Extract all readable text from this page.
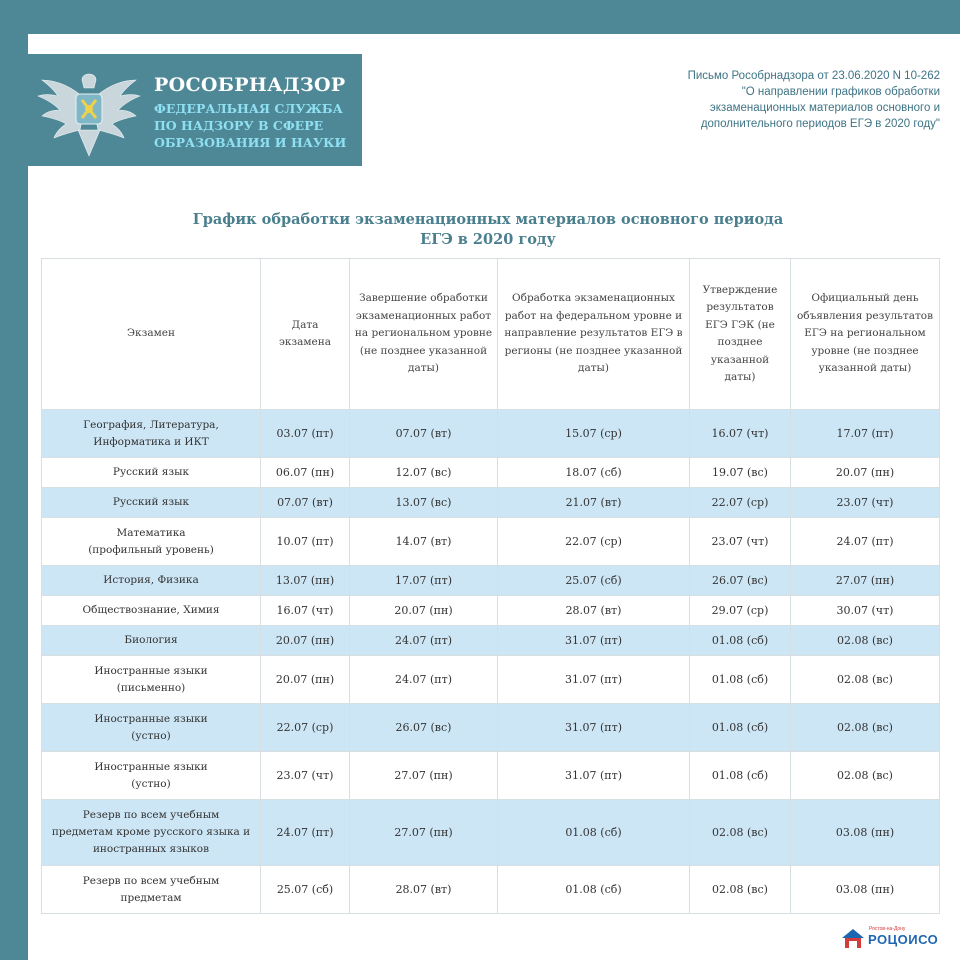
РОСОБРНАДЗОР
ФЕДЕРАЛЬНАЯ СЛУЖБА
ПО НАДЗОРУ В СФЕРЕ
ОБРАЗОВАНИЯ И НАУКИ
Письмо Рособрнадзора от 23.06.2020 N 10-262
"О направлении графиков обработки
экзаменационных материалов основного и
дополнительного периодов ЕГЭ в 2020 году"
График обработки экзаменационных материалов основного периода
ЕГЭ в 2020 году
Экзамен	Дата экзамена	Завершение обработки экзаменационных работ на региональном уровне (не позднее указанной даты)	Обработка экзаменационных работ на федеральном уровне и направление результатов ЕГЭ в регионы (не позднее указанной даты)	Утверждение результатов ЕГЭ ГЭК (не позднее указанной даты)	Официальный день объявления результатов ЕГЭ на региональном уровне (не позднее указанной даты)

География, Литература,
Информатика и ИКТ	03.07 (пт)	07.07 (вт)	15.07 (ср)	16.07 (чт)	17.07 (пт)

Русский язык	06.07 (пн)	12.07 (вс)	18.07 (сб)	19.07 (вс)	20.07 (пн)

Русский язык	07.07 (вт)	13.07 (вс)	21.07 (вт)	22.07 (ср)	23.07 (чт)

Математика
(профильный уровень)	10.07 (пт)	14.07 (вт)	22.07 (ср)	23.07 (чт)	24.07 (пт)

История, Физика	13.07 (пн)	17.07 (пт)	25.07 (сб)	26.07 (вс)	27.07 (пн)

Обществознание, Химия	16.07 (чт)	20.07 (пн)	28.07 (вт)	29.07 (ср)	30.07 (чт)

Биология	20.07 (пн)	24.07 (пт)	31.07 (пт)	01.08 (сб)	02.08 (вс)

Иностранные языки
(письменно)	20.07 (пн)	24.07 (пт)	31.07 (пт)	01.08 (сб)	02.08 (вс)

Иностранные языки
(устно)	22.07 (ср)	26.07 (вс)	31.07 (пт)	01.08 (сб)	02.08 (вс)

Иностранные языки
(устно)	23.07 (чт)	27.07 (пн)	31.07 (пт)	01.08 (сб)	02.08 (вс)

Резерв по всем учебным
предметам кроме русского языка и
иностранных языков	24.07 (пт)	27.07 (пн)	01.08 (сб)	02.08 (вс)	03.08 (пн)

Резерв по всем учебным
предметам	25.07 (сб)	28.07 (вт)	01.08 (сб)	02.08 (вс)	03.08 (пн)
Ростов-на-Дону
РОЦОИСО
